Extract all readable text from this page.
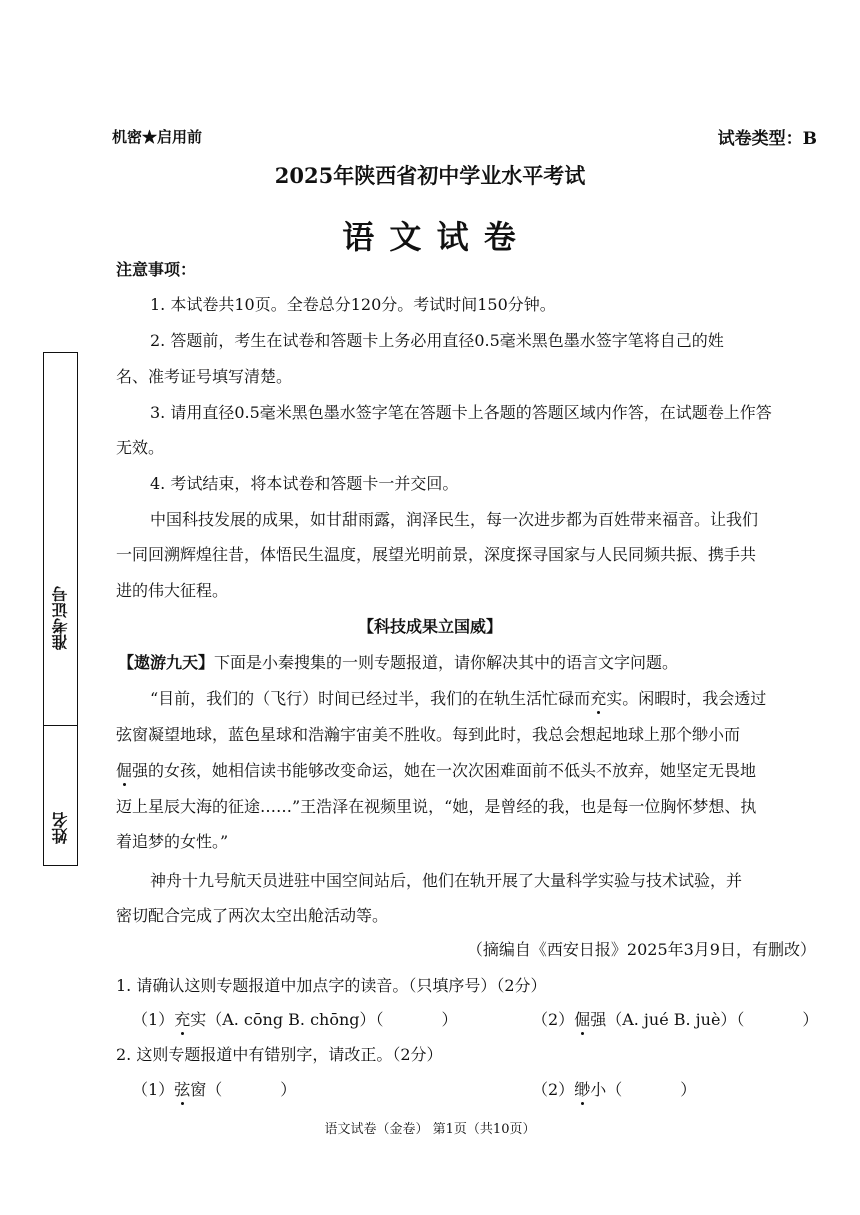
机密★启用前	试卷类型：B
2025年陕西省初中学业水平考试
语 文 试 卷
注意事项：
1. 本试卷共10页。全卷总分120分。考试时间150分钟。
2. 答题前，考生在试卷和答题卡上务必用直径0.5毫米黑色墨水签字笔将自己的姓
名、准考证号填写清楚。
3. 请用直径0.5毫米黑色墨水签字笔在答题卡上各题的答题区域内作答，在试题卷上作答
无效。
4. 考试结束，将本试卷和答题卡一并交回。
中国科技发展的成果，如甘甜雨露，润泽民生，每一次进步都为百姓带来福音。让我们
一同回溯辉煌往昔，体悟民生温度，展望光明前景，深度探寻国家与人民同频共振、携手共
进的伟大征程。
【科技成果立国威】
【遨游九天】下面是小秦搜集的一则专题报道，请你解决其中的语言文字问题。
“目前，我们的（飞行）时间已经过半，我们的在轨生活忙碌而充实。闲暇时，我会透过
弦窗凝望地球，蓝色星球和浩瀚宇宙美不胜收。每到此时，我总会想起地球上那个缈小而
倔强的女孩，她相信读书能够改变命运，她在一次次困难面前不低头不放弃，她坚定无畏地
迈上星辰大海的征途……”王浩泽在视频里说，“她，是曾经的我，也是每一位胸怀梦想、执
着追梦的女性。”
神舟十九号航天员进驻中国空间站后，他们在轨开展了大量科学实验与技术试验，并
密切配合完成了两次太空出舱活动等。
（摘编自《西安日报》2025年3月9日，有删改）
1. 请确认这则专题报道中加点字的读音。（只填序号）（2分）
（1）充实（A. cōng B. chōng）（	）	（2）倔强（A. jué B. juè）（	）
2. 这则专题报道中有错别字，请改正。（2分）
（1）弦窗（	）	（2）缈小（	）
语文试卷（金卷） 第1页（共10页）
准考证号
姓名
